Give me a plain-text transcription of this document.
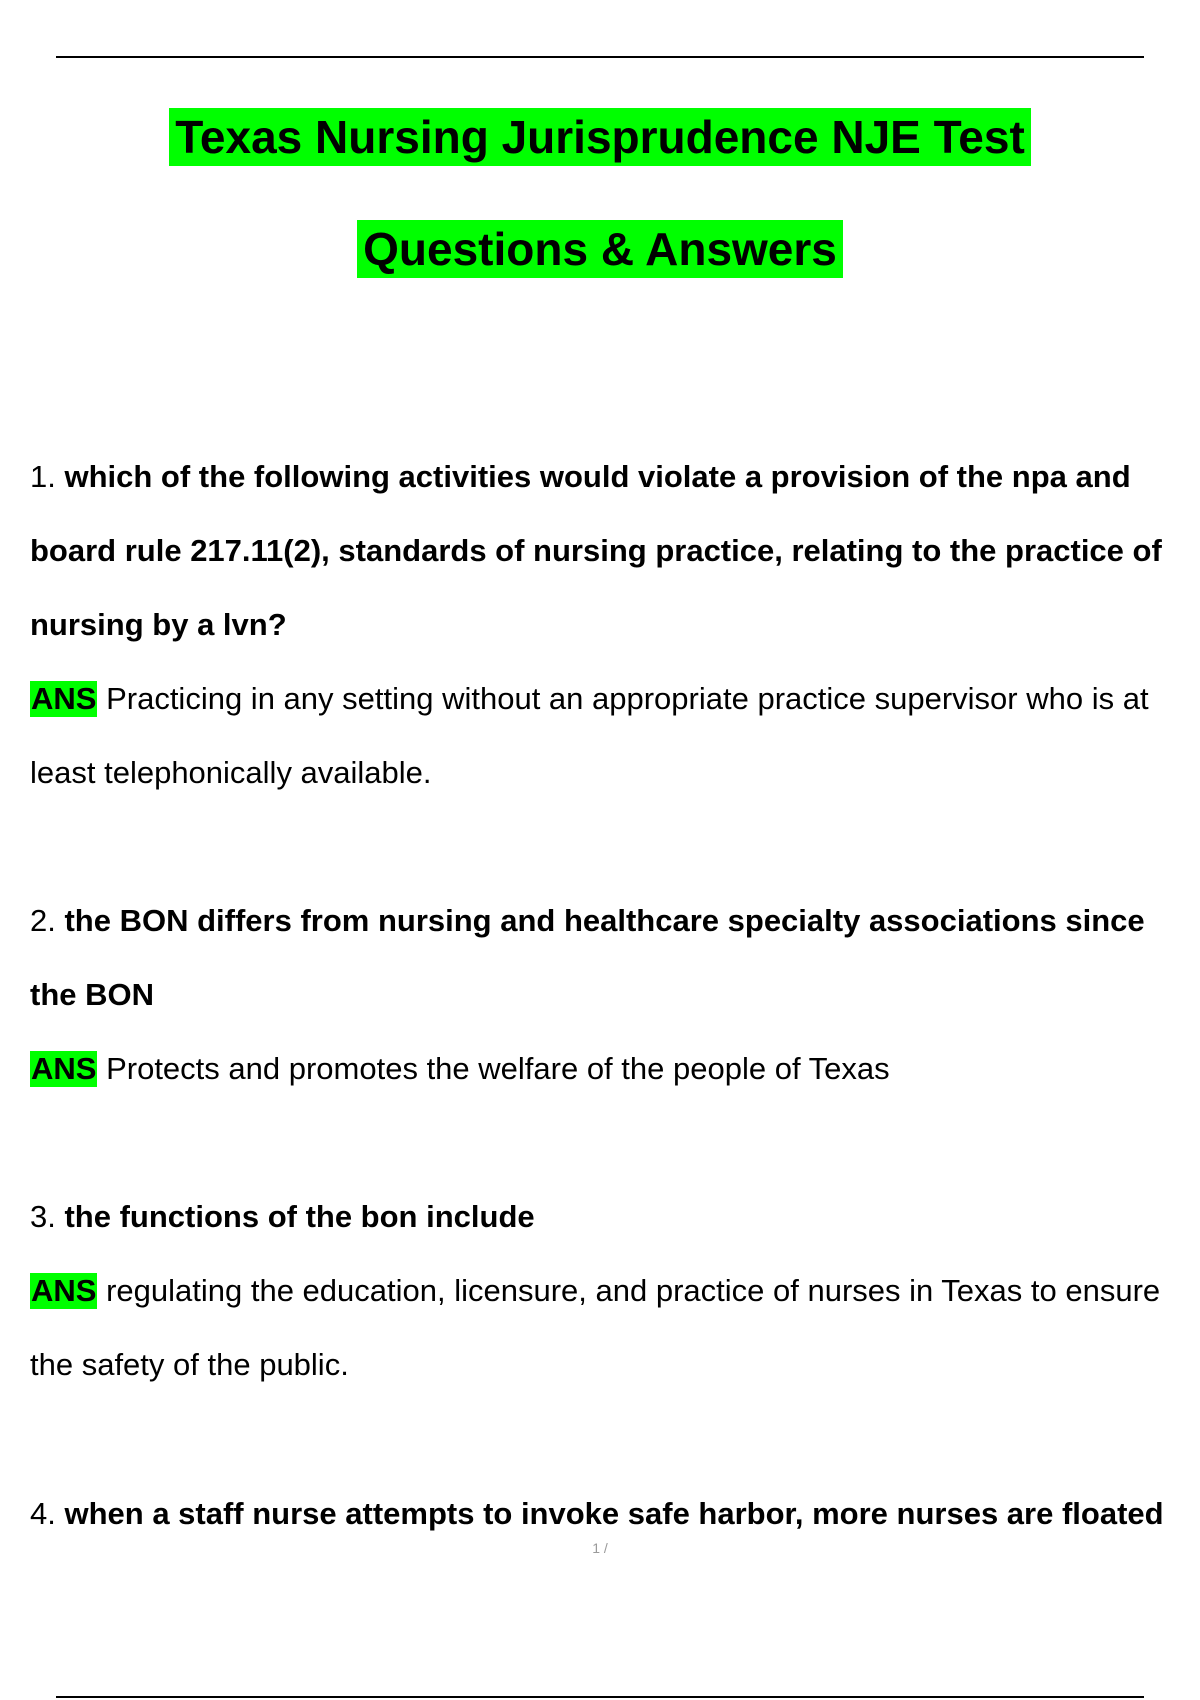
Texas Nursing Jurisprudence NJE Test
Questions & Answers
1. which of the following activities would violate a provision of the npa and board rule 217.11(2), standards of nursing practice, relating to the practice of nursing by a lvn?
ANS Practicing in any setting without an appropriate practice supervisor who is at least telephonically available.
2. the BON differs from nursing and healthcare specialty associations since the BON
ANS Protects and promotes the welfare of the people of Texas
3. the functions of the bon include
ANS regulating the education, licensure, and practice of nurses in Texas to ensure the safety of the public.
4. when a staff nurse attempts to invoke safe harbor, more nurses are floated
1 /
